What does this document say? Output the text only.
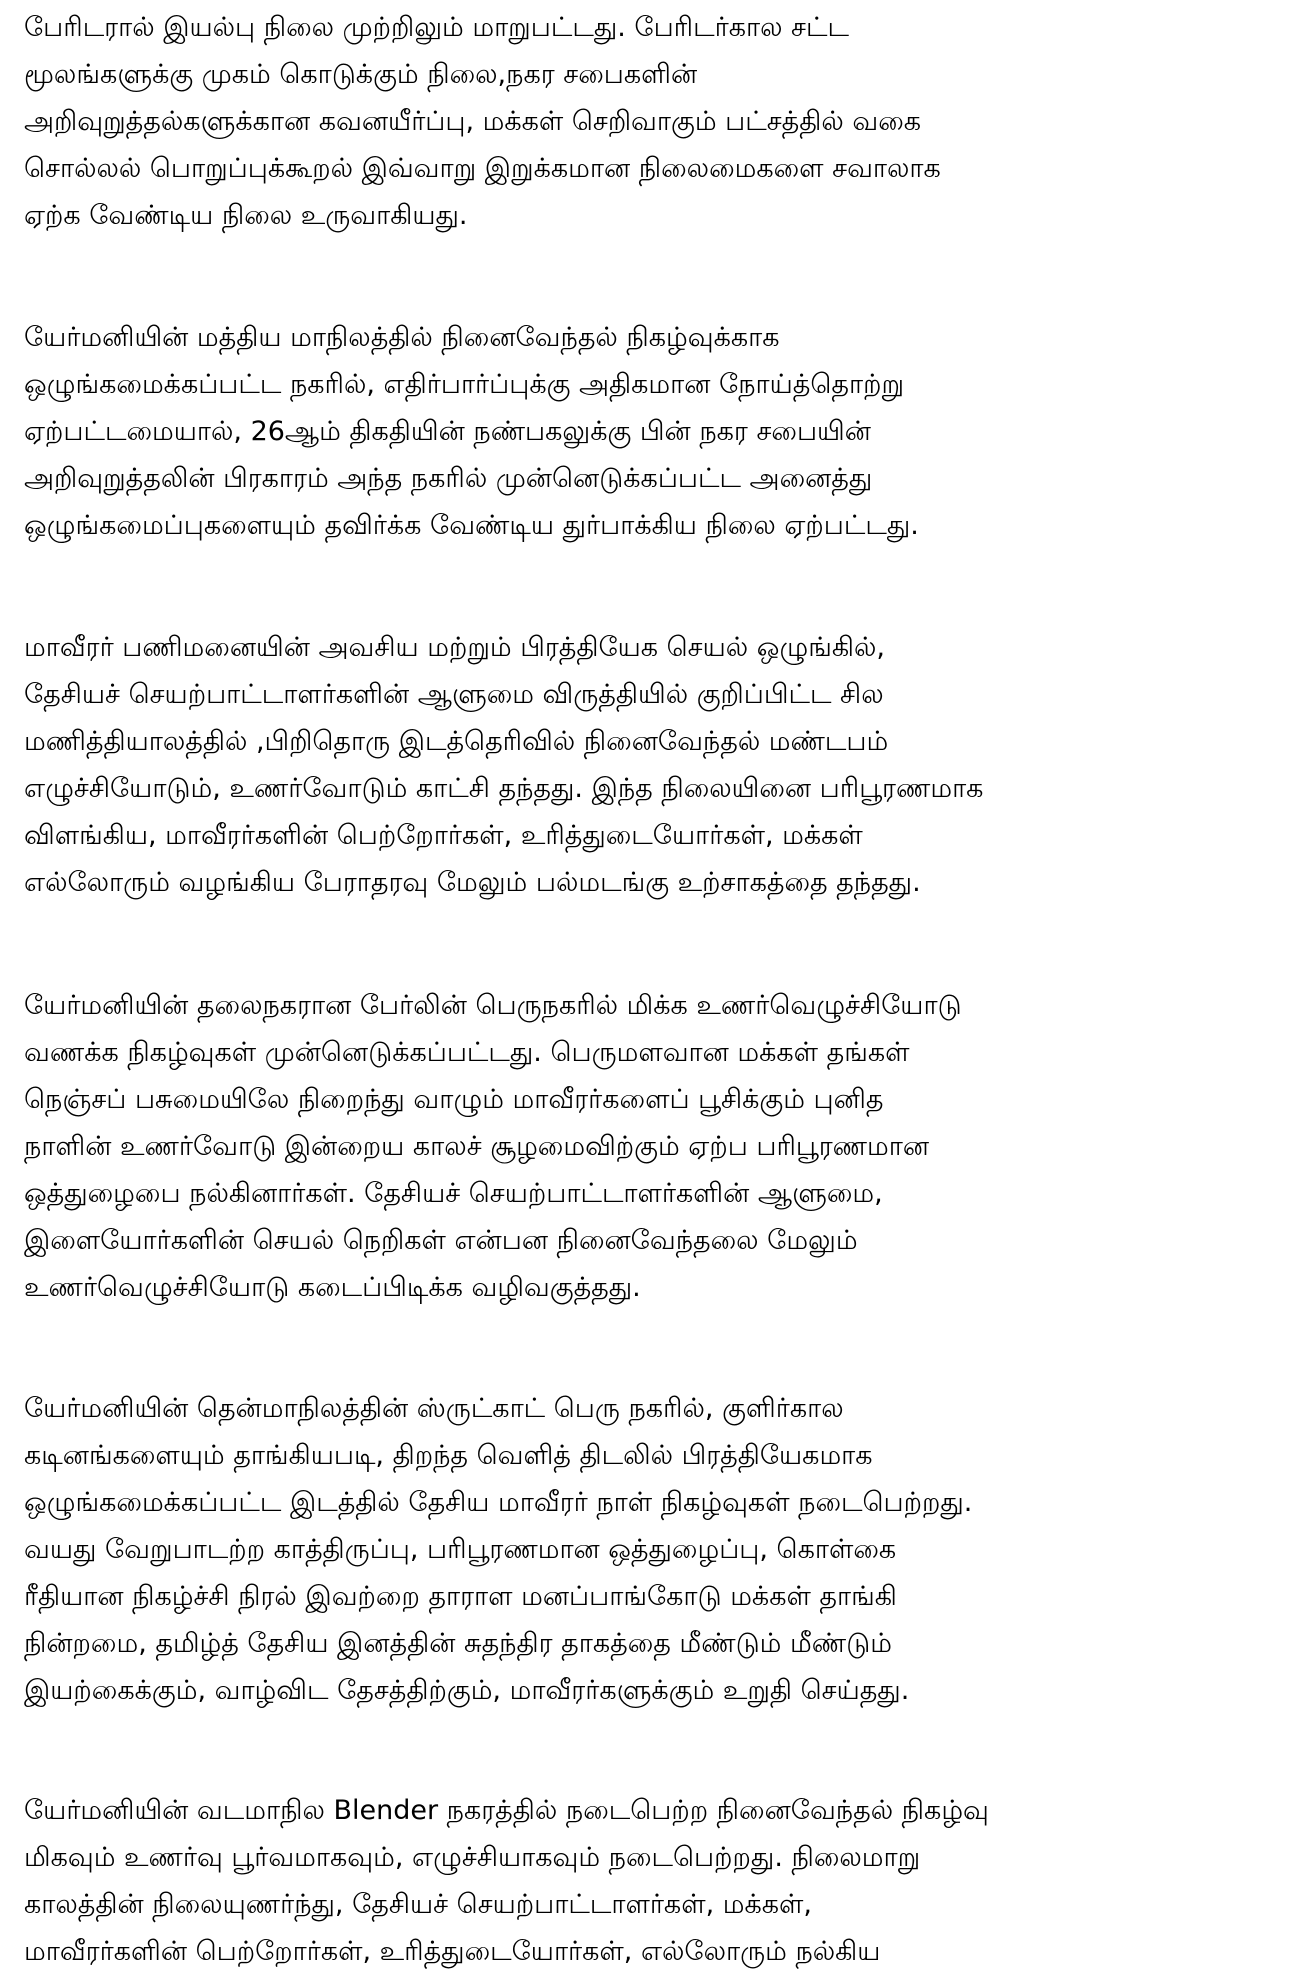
பேரிடரால் இயல்பு நிலை முற்றிலும் மாறுபட்டது. பேரிடர்கால சட்ட
மூலங்களுக்கு முகம் கொடுக்கும் நிலை,நகர சபைகளின்
அறிவுறுத்தல்களுக்கான கவனயீர்ப்பு, மக்கள் செறிவாகும் பட்சத்தில் வகை
சொல்லல் பொறுப்புக்கூறல் இவ்வாறு இறுக்கமான நிலைமைகளை சவாலாக
ஏற்க வேண்டிய நிலை உருவாகியது.
யேர்மனியின் மத்திய மாநிலத்தில் நினைவேந்தல் நிகழ்வுக்காக
ஒழுங்கமைக்கப்பட்ட நகரில், எதிர்பார்ப்புக்கு அதிகமான நோய்த்தொற்று
ஏற்பட்டமையால், 26ஆம் திகதியின் நண்பகலுக்கு பின் நகர சபையின்
அறிவுறுத்தலின் பிரகாரம் அந்த நகரில் முன்னெடுக்கப்பட்ட அனைத்து
ஒழுங்கமைப்புகளையும் தவிர்க்க வேண்டிய துர்பாக்கிய நிலை ஏற்பட்டது.
மாவீரர் பணிமனையின் அவசிய மற்றும் பிரத்தியேக செயல் ஒழுங்கில்,
தேசியச் செயற்பாட்டாளர்களின் ஆளுமை விருத்தியில் குறிப்பிட்ட சில
மணித்தியாலத்தில் ,பிறிதொரு இடத்தெரிவில் நினைவேந்தல் மண்டபம்
எழுச்சியோடும், உணர்வோடும் காட்சி தந்தது. இந்த நிலையினை பரிபூரணமாக
விளங்கிய, மாவீரர்களின் பெற்றோர்கள், உரித்துடையோர்கள், மக்கள்
எல்லோரும் வழங்கிய பேராதரவு மேலும் பல்மடங்கு உற்சாகத்தை தந்தது.
யேர்மனியின் தலைநகரான பேர்லின் பெருநகரில் மிக்க உணர்வெழுச்சியோடு
வணக்க நிகழ்வுகள் முன்னெடுக்கப்பட்டது. பெருமளவான மக்கள் தங்கள்
நெஞ்சப் பசுமையிலே நிறைந்து வாழும் மாவீரர்களைப் பூசிக்கும் புனித
நாளின் உணர்வோடு இன்றைய காலச் சூழமைவிற்கும் ஏற்ப பரிபூரணமான
ஒத்துழைபை நல்கினார்கள். தேசியச் செயற்பாட்டாளர்களின் ஆளுமை,
இளையோர்களின் செயல் நெறிகள் என்பன நினைவேந்தலை மேலும்
உணர்வெழுச்சியோடு கடைப்பிடிக்க வழிவகுத்தது.
யேர்மனியின் தென்மாநிலத்தின் ஸ்ருட்காட் பெரு நகரில், குளிர்கால
கடினங்களையும் தாங்கியபடி, திறந்த வெளித் திடலில் பிரத்தியேகமாக
ஒழுங்கமைக்கப்பட்ட இடத்தில் தேசிய மாவீரர் நாள் நிகழ்வுகள் நடைபெற்றது.
வயது வேறுபாடற்ற காத்திருப்பு, பரிபூரணமான ஒத்துழைப்பு, கொள்கை
ரீதியான நிகழ்ச்சி நிரல் இவற்றை தாராள மனப்பாங்கோடு மக்கள் தாங்கி
நின்றமை, தமிழ்த் தேசிய இனத்தின் சுதந்திர தாகத்தை மீண்டும் மீண்டும்
இயற்கைக்கும், வாழ்விட தேசத்திற்கும், மாவீரர்களுக்கும் உறுதி செய்தது.
யேர்மனியின் வடமாநில Blender நகரத்தில் நடைபெற்ற நினைவேந்தல் நிகழ்வு
மிகவும் உணர்வு பூர்வமாகவும், எழுச்சியாகவும் நடைபெற்றது. நிலைமாறு
காலத்தின் நிலையுணர்ந்து, தேசியச் செயற்பாட்டாளர்கள், மக்கள்,
மாவீரர்களின் பெற்றோர்கள், உரித்துடையோர்கள், எல்லோரும் நல்கிய
